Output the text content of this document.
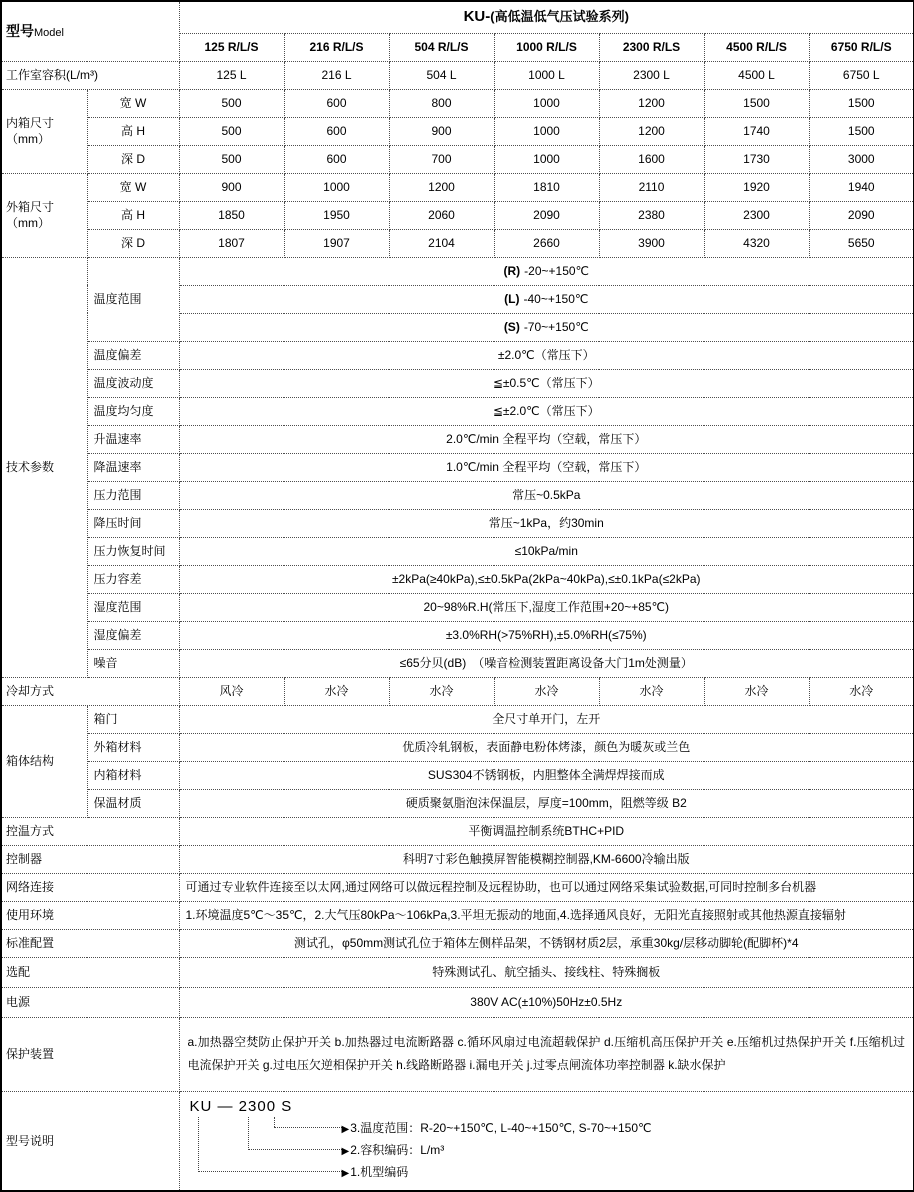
型号Model		KU-(高低温低气压试验系列)						
		125 R/L/S	216 R/L/S	504 R/L/S	1000 R/L/S	2300 R/LS	4500 R/L/S	6750 R/L/S
工作室容积(L/m³)		125 L	216 L	504 L	1000 L	2300 L	4500 L	6750 L
内箱尺寸
（mm）	宽 W	500	600	800	1000	1200	1500	1500
	高 H	500	600	900	1000	1200	1740	1500
	深 D	500	600	700	1000	1600	1730	3000
外箱尺寸
（mm）	宽 W	900	1000	1200	1810	2110	1920	1940
	高 H	1850	1950	2060	2090	2380	2300	2090
	深 D	1807	1907	2104	2660	3900	4320	5650
技术参数	温度范围	(R) -20~+150℃						
		(L) -40~+150℃						
		(S) -70~+150℃						
	温度偏差	±2.0℃（常压下）						
	温度波动度	≦±0.5℃（常压下）						
	温度均匀度	≦±2.0℃（常压下）						
	升温速率	2.0℃/min 全程平均（空载，常压下）						
	降温速率	1.0℃/min 全程平均（空载，常压下）						
	压力范围	常压~0.5kPa						
	降压时间	常压~1kPa，约30min						
	压力恢复时间	≤10kPa/min						
	压力容差	±2kPa(≥40kPa),≤±0.5kPa(2kPa~40kPa),≤±0.1kPa(≤2kPa)						
	湿度范围	20~98%R.H(常压下,湿度工作范围+20~+85℃)						
	湿度偏差	±3.0%RH(>75%RH),±5.0%RH(≤75%)						
	噪音	≤65分贝(dB)　（噪音检测装置距离设备大门1m处测量）						
冷却方式		风冷	水冷	水冷	水冷	水冷	水冷	水冷
箱体结构	箱门	全尺寸单开门，左开						
	外箱材料	优质冷轧钢板，表面静电粉体烤漆，颜色为暖灰或兰色						
	内箱材料	SUS304不锈钢板，内胆整体全满焊焊接而成						
	保温材质	硬质聚氨脂泡沫保温层，厚度=100mm，阻燃等级 B2						
控温方式		平衡调温控制系统BTHC+PID						
控制器		科明7寸彩色触摸屏智能模糊控制器,KM-6600冷输出版						
网络连接		可通过专业软件连接至以太网,通过网络可以做远程控制及远程协助，也可以通过网络采集试验数据,可同时控制多台机器						
使用环境		1.环境温度5℃～35℃，2.大气压80kPa～106kPa,3.平坦无振动的地面,4.选择通风良好，无阳光直接照射或其他热源直接辐射						
标准配置		测试孔，φ50mm测试孔位于箱体左侧样品架，不锈钢材质2层，承重30kg/层移动脚轮(配脚杯)*4						
选配		特殊测试孔、航空插头、接线柱、特殊搁板						
电源		380V AC(±10%)50Hz±0.5Hz						
保护装置		a.加热器空焚防止保护开关 b.加热器过电流断路器 c.循环风扇过电流超载保护 d.压缩机高压保护开关 e.压缩机过热保护开关 f.压缩机过电流保护开关 g.过电压欠逆相保护开关 h.线路断路器 i.漏电开关 j.过零点闸流体功率控制器 k.缺水保护						
型号说明		KU — 2300 S
▶3.温度范围：R-20~+150℃, L-40~+150℃, S-70~+150℃
▶2.容积编码：L/m³
▶1.机型编码						
